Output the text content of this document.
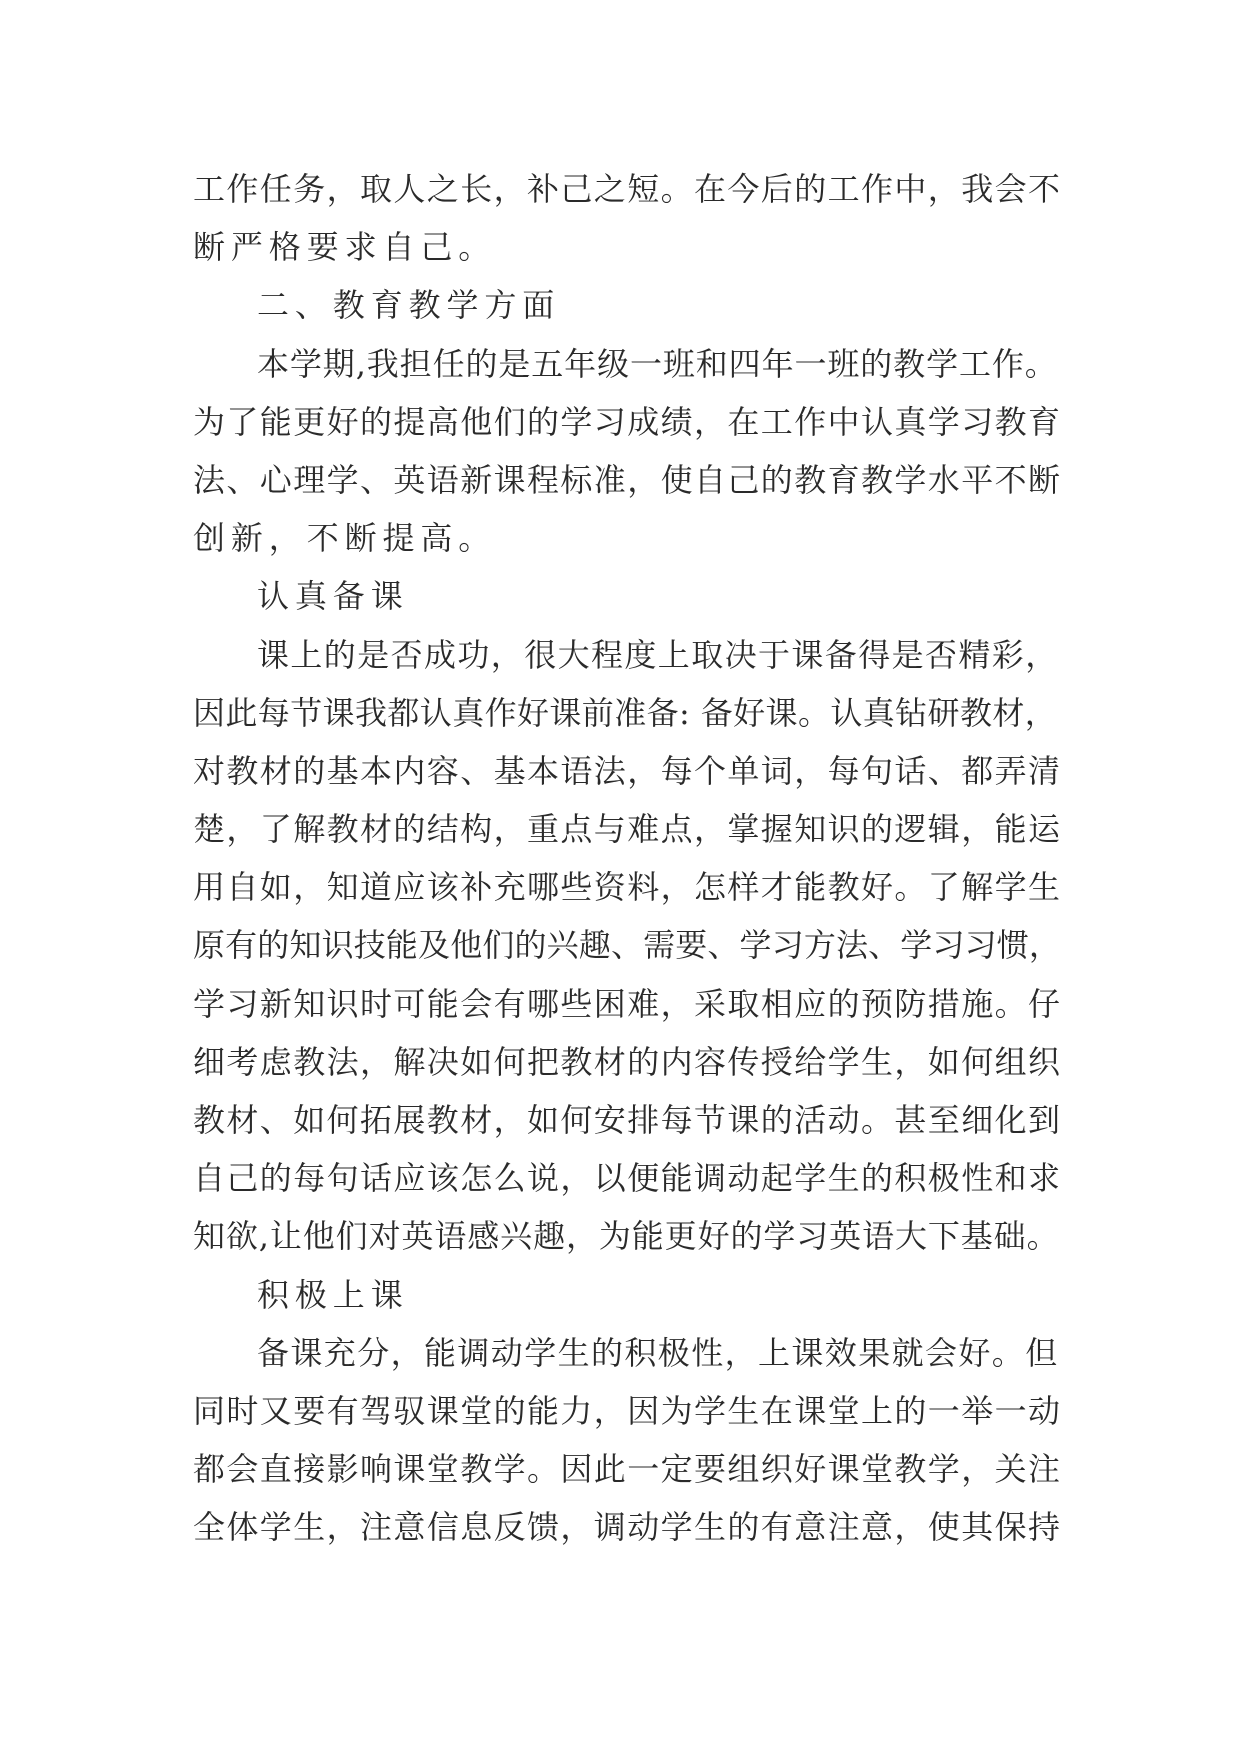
工作任务，取人之长，补己之短。在今后的工作中，我会不
断严格要求自己。
二、教育教学方面
本学期,我担任的是五年级一班和四年一班的教学工作。
为了能更好的提高他们的学习成绩，在工作中认真学习教育
法、心理学、英语新课程标准，使自己的教育教学水平不断
创新，不断提高。
认真备课
课上的是否成功，很大程度上取决于课备得是否精彩，
因此每节课我都认真作好课前准备: 备好课。认真钻研教材，
对教材的基本内容、基本语法，每个单词，每句话、都弄清
楚，了解教材的结构，重点与难点，掌握知识的逻辑，能运
用自如，知道应该补充哪些资料，怎样才能教好。了解学生
原有的知识技能及他们的兴趣、需要、学习方法、学习习惯，
学习新知识时可能会有哪些困难，采取相应的预防措施。仔
细考虑教法，解决如何把教材的内容传授给学生，如何组织
教材、如何拓展教材，如何安排每节课的活动。甚至细化到
自己的每句话应该怎么说，以便能调动起学生的积极性和求
知欲,让他们对英语感兴趣，为能更好的学习英语大下基础。
积极上课
备课充分，能调动学生的积极性，上课效果就会好。但
同时又要有驾驭课堂的能力，因为学生在课堂上的一举一动
都会直接影响课堂教学。因此一定要组织好课堂教学，关注
全体学生，注意信息反馈，调动学生的有意注意，使其保持
